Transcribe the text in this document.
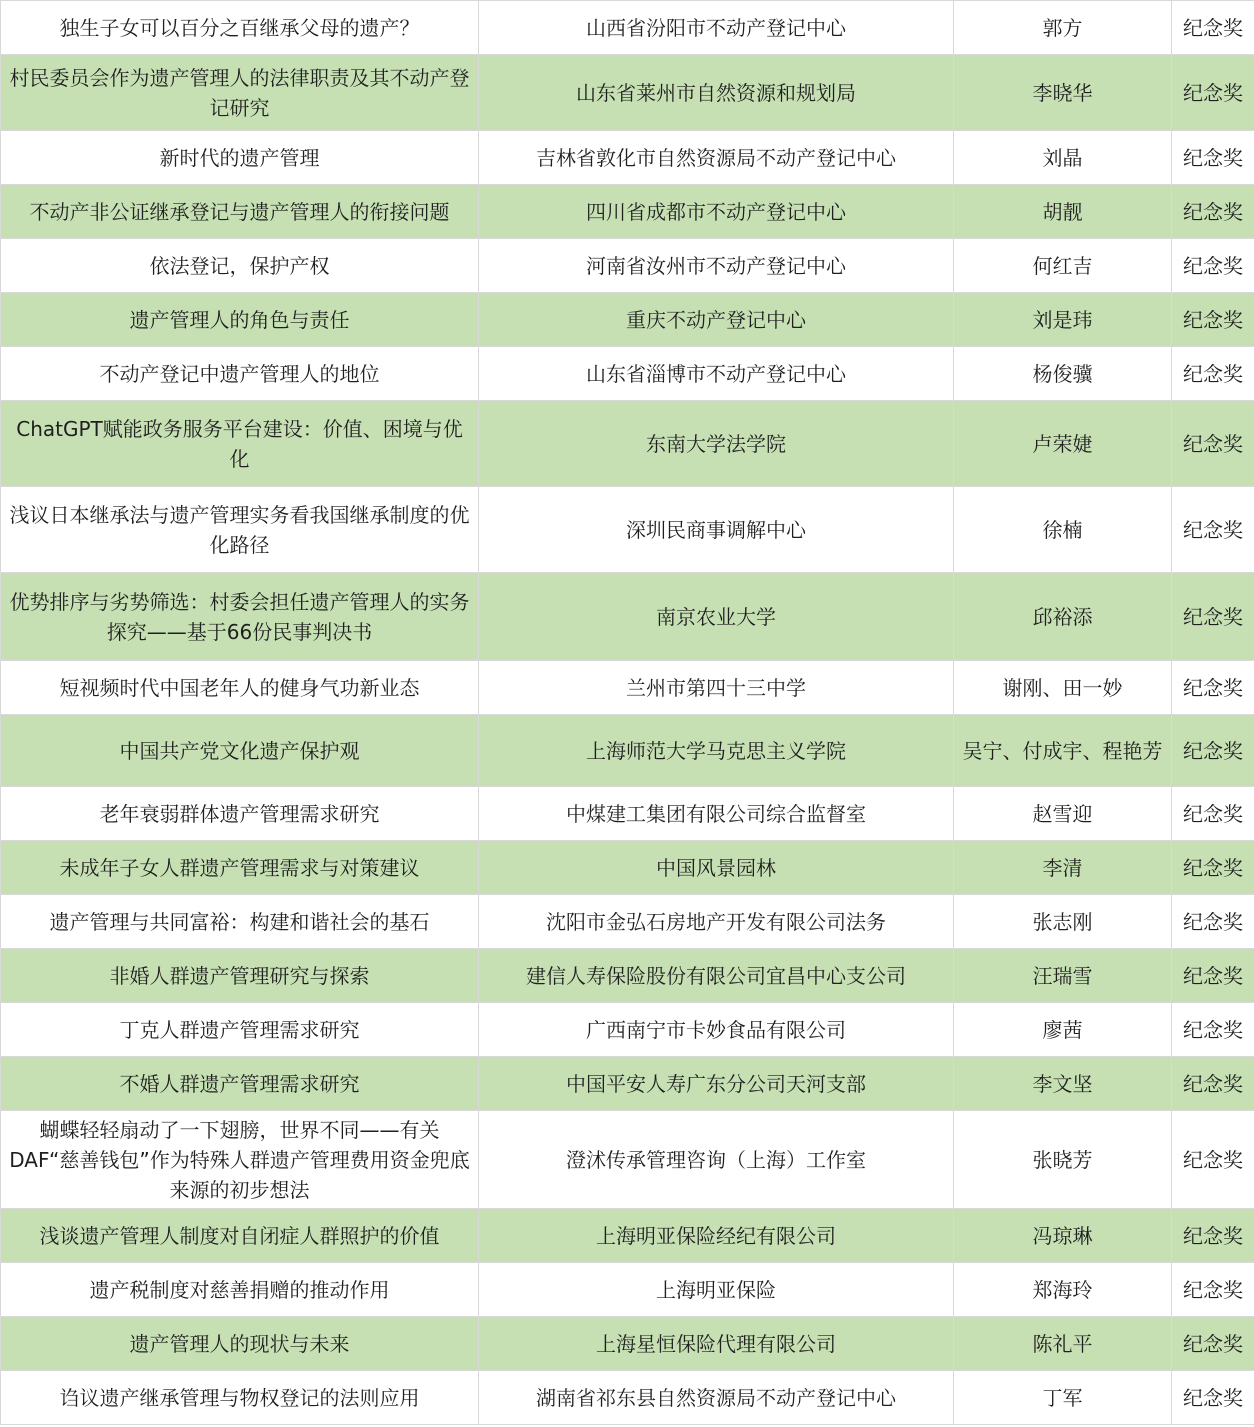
独生子女可以百分之百继承父母的遗产？	山西省汾阳市不动产登记中心	郭方	纪念奖
村民委员会作为遗产管理人的法律职责及其不动产登记研究	山东省莱州市自然资源和规划局	李晓华	纪念奖
新时代的遗产管理	吉林省敦化市自然资源局不动产登记中心	刘晶	纪念奖
不动产非公证继承登记与遗产管理人的衔接问题	四川省成都市不动产登记中心	胡靓	纪念奖
依法登记，保护产权	河南省汝州市不动产登记中心	何红吉	纪念奖
遗产管理人的角色与责任	重庆不动产登记中心	刘是玮	纪念奖
不动产登记中遗产管理人的地位	山东省淄博市不动产登记中心	杨俊骥	纪念奖
ChatGPT赋能政务服务平台建设：价值、困境与优化	东南大学法学院	卢荣婕	纪念奖
浅议日本继承法与遗产管理实务看我国继承制度的优化路径	深圳民商事调解中心	徐楠	纪念奖
优势排序与劣势筛选：村委会担任遗产管理人的实务探究——基于66份民事判决书	南京农业大学	邱裕添	纪念奖
短视频时代中国老年人的健身气功新业态	兰州市第四十三中学	谢刚、田一妙	纪念奖
中国共产党文化遗产保护观	上海师范大学马克思主义学院	吴宁、付成宇、程艳芳	纪念奖
老年衰弱群体遗产管理需求研究	中煤建工集团有限公司综合监督室	赵雪迎	纪念奖
未成年子女人群遗产管理需求与对策建议	中国风景园林	李清	纪念奖
遗产管理与共同富裕：构建和谐社会的基石	沈阳市金弘石房地产开发有限公司法务	张志刚	纪念奖
非婚人群遗产管理研究与探索	建信人寿保险股份有限公司宜昌中心支公司	汪瑞雪	纪念奖
丁克人群遗产管理需求研究	广西南宁市卡妙食品有限公司	廖茜	纪念奖
不婚人群遗产管理需求研究	中国平安人寿广东分公司天河支部	李文坚	纪念奖
蝴蝶轻轻扇动了一下翅膀，世界不同——有关DAF“慈善钱包”作为特殊人群遗产管理费用资金兜底来源的初步想法	澄沭传承管理咨询（上海）工作室	张晓芳	纪念奖
浅谈遗产管理人制度对自闭症人群照护的价值	上海明亚保险经纪有限公司	冯琼琳	纪念奖
遗产税制度对慈善捐赠的推动作用	上海明亚保险	郑海玲	纪念奖
遗产管理人的现状与未来	上海星恒保险代理有限公司	陈礼平	纪念奖
诌议遗产继承管理与物权登记的法则应用	湖南省祁东县自然资源局不动产登记中心	丁军	纪念奖
